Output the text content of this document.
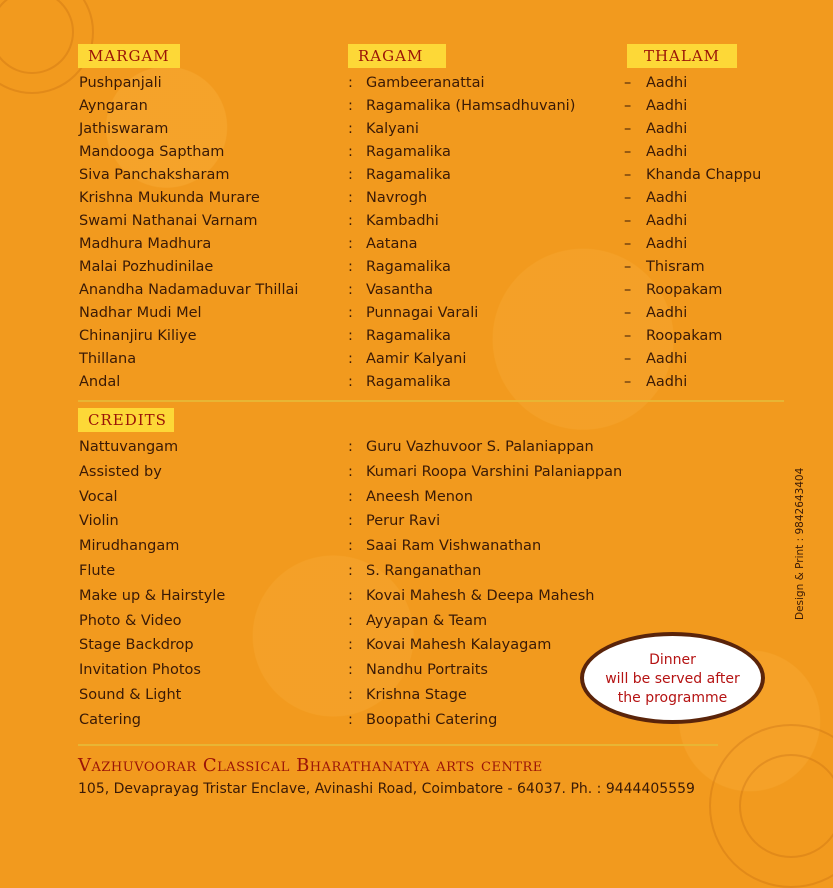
MARGAM	RAGAM	THALAM
Pushpanjali	: Gambeeranattai	– Aadhi
Ayngaran	: Ragamalika (Hamsadhuvani)	– Aadhi
Jathiswaram	: Kalyani	– Aadhi
Mandooga Saptham	: Ragamalika	– Aadhi
Siva Panchaksharam	: Ragamalika	– Khanda Chappu
Krishna Mukunda Murare	: Navrogh	– Aadhi
Swami Nathanai Varnam	: Kambadhi	– Aadhi
Madhura Madhura	: Aatana	– Aadhi
Malai Pozhudinilae	: Ragamalika	– Thisram
Anandha Nadamaduvar Thillai	: Vasantha	– Roopakam
Nadhar Mudi Mel	: Punnagai Varali	– Aadhi
Chinanjiru Kiliye	: Ragamalika	– Roopakam
Thillana	: Aamir Kalyani	– Aadhi
Andal	: Ragamalika	– Aadhi
CREDITS
Nattuvangam	: Guru Vazhuvoor S. Palaniappan
Assisted by	: Kumari Roopa Varshini Palaniappan
Vocal	: Aneesh Menon
Violin	: Perur Ravi
Mirudhangam	: Saai Ram Vishwanathan
Flute	: S. Ranganathan
Make up & Hairstyle	: Kovai Mahesh & Deepa Mahesh
Photo & Video	: Ayyapan & Team
Stage Backdrop	: Kovai Mahesh Kalayagam
Invitation Photos	: Nandhu Portraits
Sound & Light	: Krishna Stage
Catering	: Boopathi Catering
Dinner
will be served after
the programme
Design & Print : 9842643404
Vazhuvoorar Classical Bharathanatya arts centre
105, Devaprayag Tristar Enclave, Avinashi Road, Coimbatore - 64037. Ph. : 9444405559
